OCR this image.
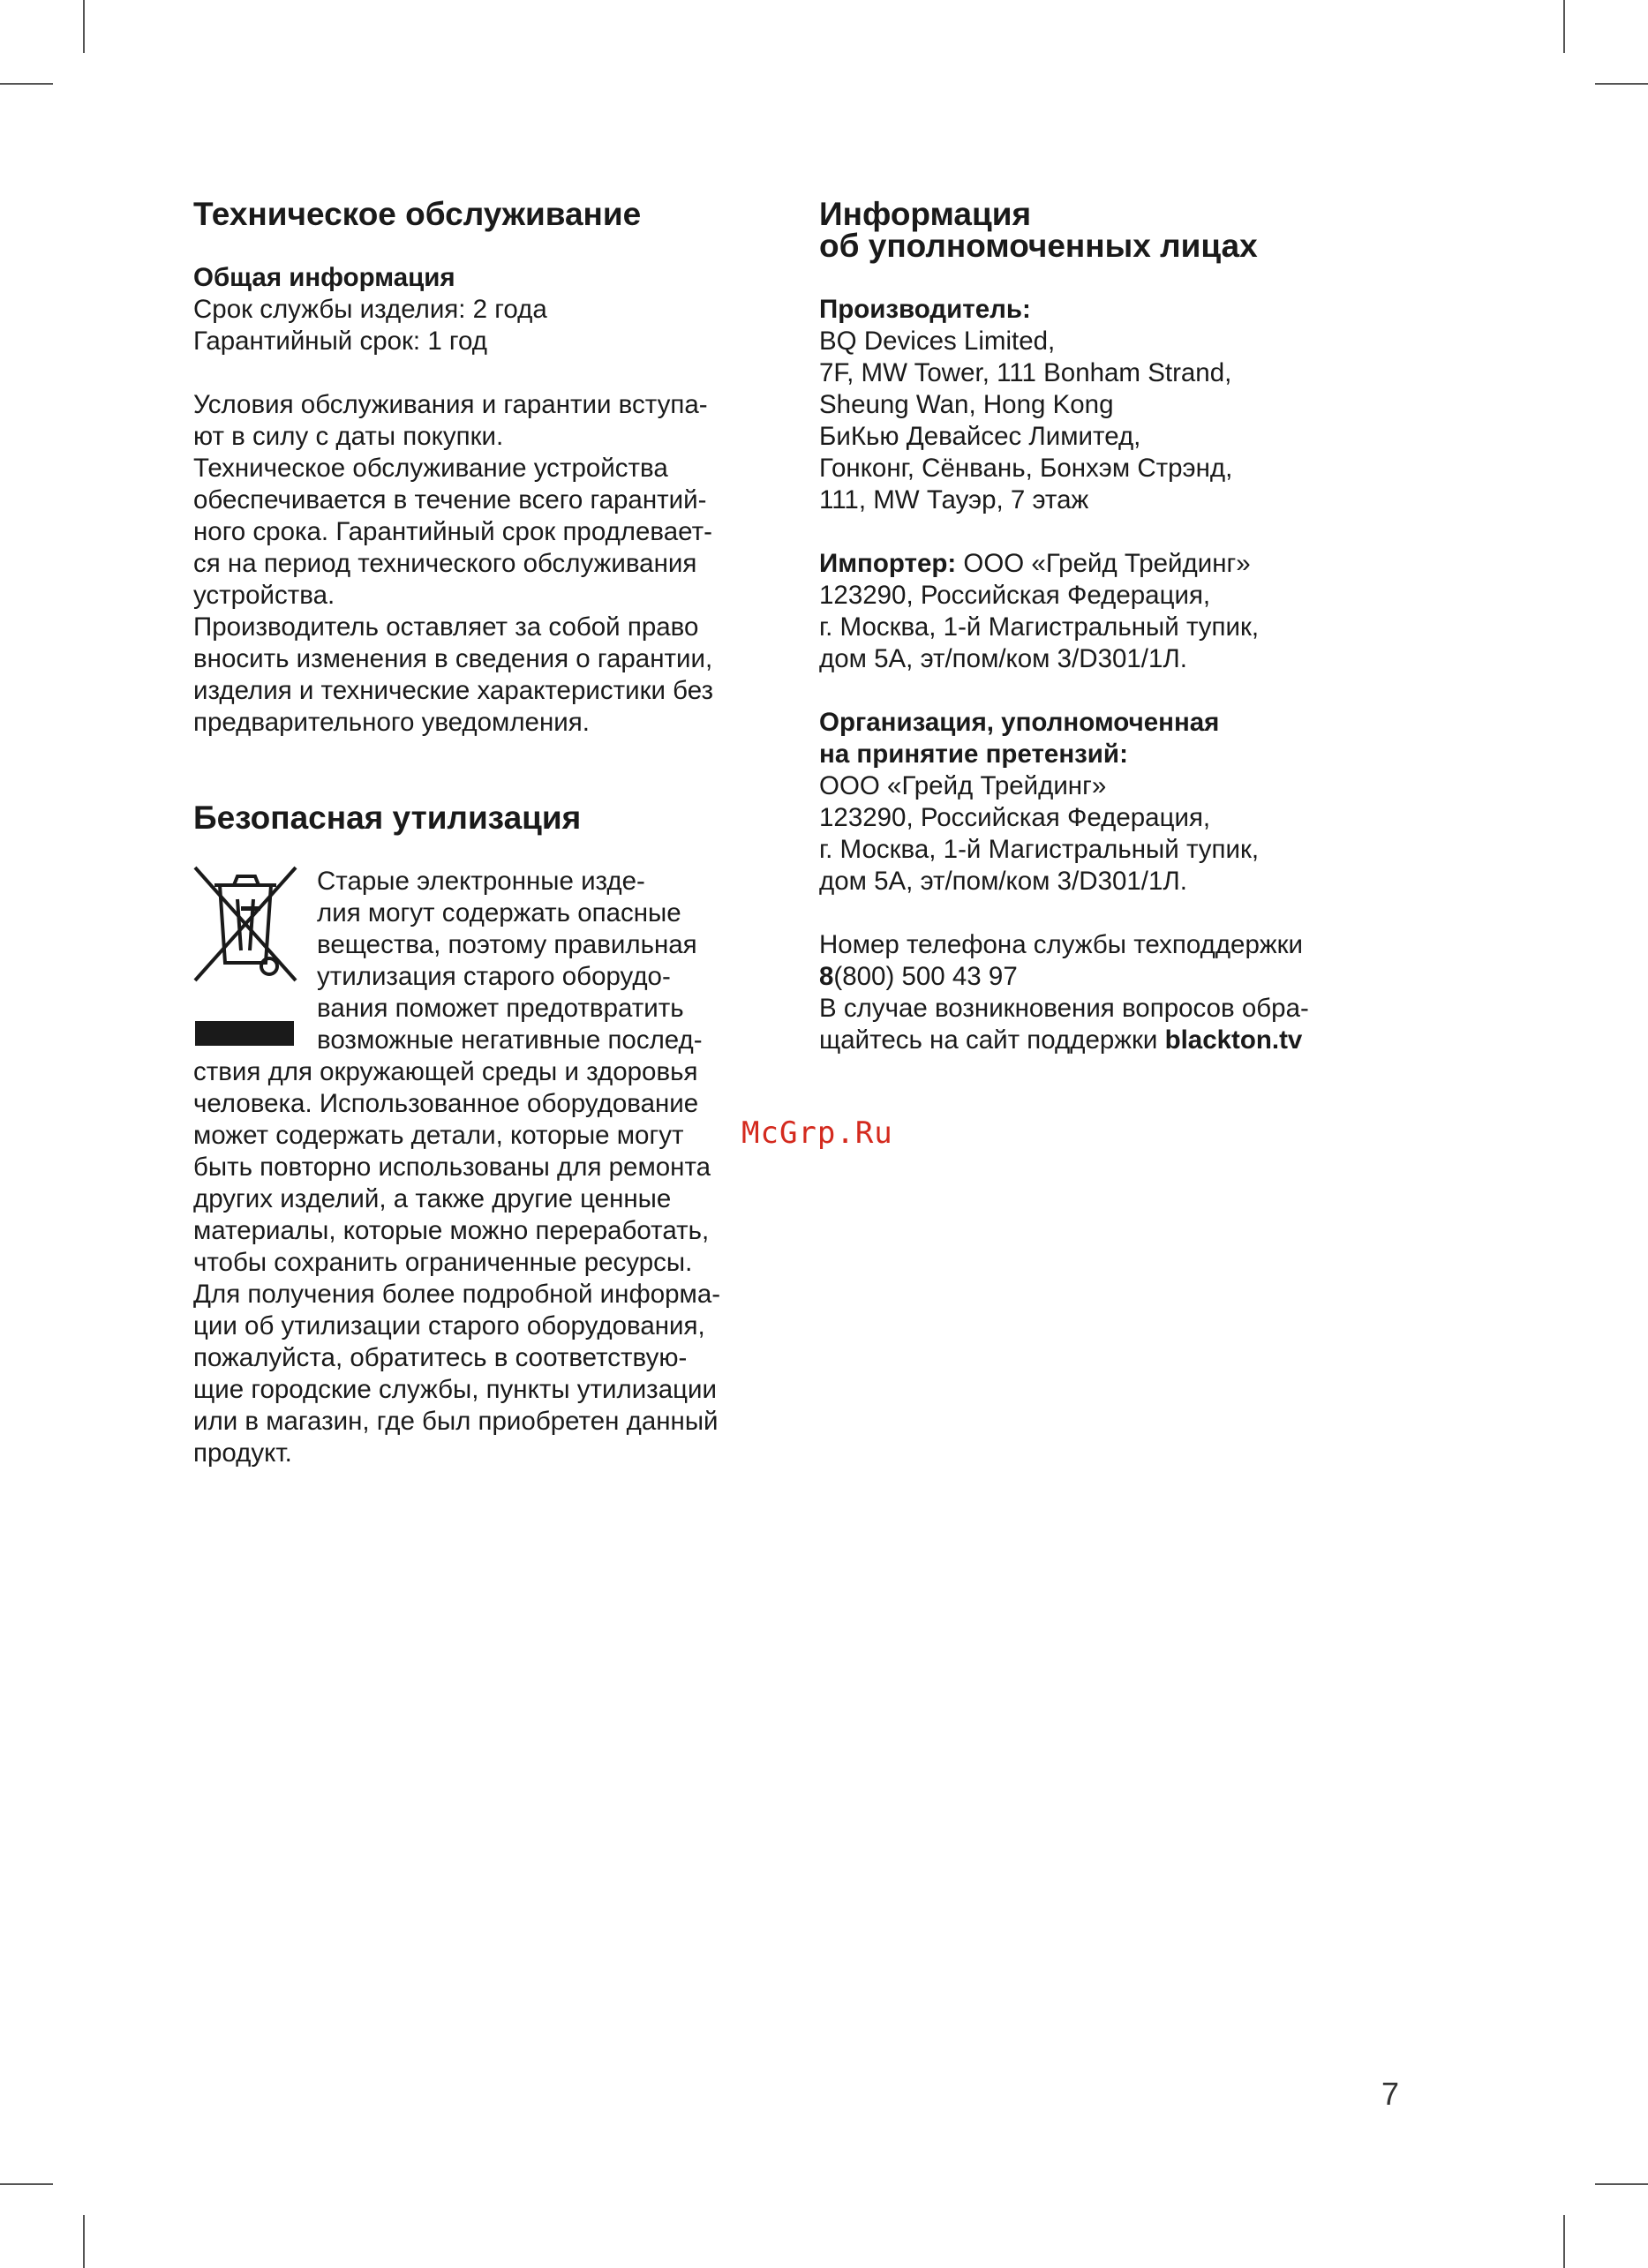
Техническое обслуживание

Общая информация

Срок службы изделия: 2 года

Гарантийный срок: 1 год

Условия обслуживания и гарантии вступа-

ют в силу с даты покупки.

Техническое обслуживание устройства

обеспечивается в течение всего гарантий-

ного срока. Гарантийный срок продлевает-

ся на период технического обслуживания

устройства.

Производитель оставляет за собой право

вносить изменения в сведения о гарантии,

изделия и технические характеристики без

предварительного уведомления.

Безопасная утилизация

Старые электронные изде-

лия могут содержать опасные

вещества, поэтому правильная

утилизация старого оборудо-

вания поможет предотвратить

возможные негативные послед-

ствия для окружающей среды и здоровья

человека. Использованное оборудование

может содержать детали, которые могут

быть повторно использованы для ремонта

других изделий, а также другие ценные

материалы, которые можно переработать,

чтобы сохранить ограниченные ресурсы.

Для получения более подробной информа-

ции об утилизации старого оборудования,

пожалуйста, обратитесь в соответствую-

щие городские службы, пункты утилизации

или в магазин, где был приобретен данный

продукт.

Информация
об уполномоченных лицах

Производитель:

BQ Devices Limited,

7F, MW Tower, 111 Bonham Strand,

Sheung Wan, Hong Kong

БиКью Девайсес Лимитед,

Гонконг, Сёнвань, Бонхэм Стрэнд,

111, MW Тауэр, 7 этаж

Импортер: ООО «Грейд Трейдинг»

123290, Российская Федерация,

г. Москва, 1-й Магистральный тупик,

дом 5А, эт/пом/ком 3/D301/1Л.

Организация, уполномоченная

на принятие претензий:

ООО «Грейд Трейдинг»

123290, Российская Федерация,

г. Москва, 1-й Магистральный тупик,

дом 5А, эт/пом/ком 3/D301/1Л.

Номер телефона службы техподдержки

8(800) 500 43 97

В случае возникновения вопросов обра-

щайтесь на сайт поддержки blackton.tv

McGrp.Ru
7
